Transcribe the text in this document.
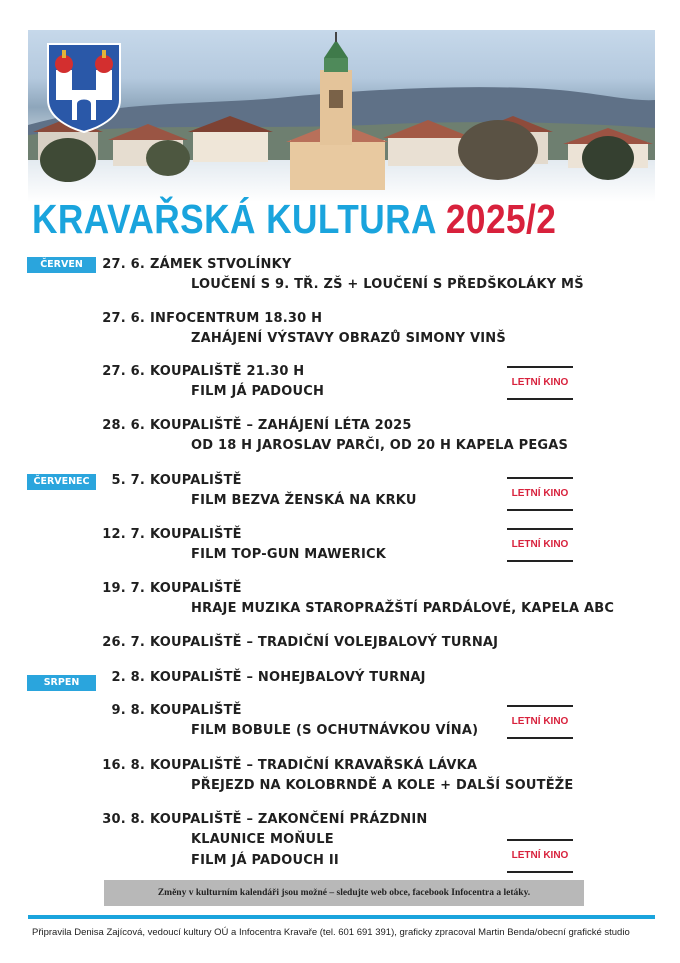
KRAVAŘSKÁ KULTURA 2025/2
ČERVEN
ČERVENEC
SRPEN
27. 6. ZÁMEK STVOLÍNKY
LOUČENÍ S 9. TŘ. ZŠ + LOUČENÍ S PŘEDŠKOLÁKY MŠ
27. 6. INFOCENTRUM 18.30 H
ZAHÁJENÍ VÝSTAVY OBRAZŮ SIMONY VINŠ
27. 6. KOUPALIŠTĚ 21.30 H
FILM JÁ PADOUCH
LETNÍ KINO
28. 6. KOUPALIŠTĚ – ZAHÁJENÍ LÉTA 2025
OD 18 H JAROSLAV PARČI, OD 20 H KAPELA PEGAS
5. 7. KOUPALIŠTĚ
FILM BEZVA ŽENSKÁ NA KRKU	LETNÍ KINO
12. 7. KOUPALIŠTĚ
FILM TOP-GUN MAWERICK
LETNÍ KINO
19. 7. KOUPALIŠTĚ
HRAJE MUZIKA STAROPRAŽŠTÍ PARDÁLOVÉ, KAPELA ABC
26. 7. KOUPALIŠTĚ – TRADIČNÍ VOLEJBALOVÝ TURNAJ
2. 8. KOUPALIŠTĚ – NOHEJBALOVÝ TURNAJ
9. 8. KOUPALIŠTĚ
FILM BOBULE (S OCHUTNÁVKOU VÍNA)
LETNÍ KINO
16. 8. KOUPALIŠTĚ – TRADIČNÍ KRAVAŘSKÁ LÁVKA
PŘEJEZD NA KOLOBRNDĚ A KOLE + DALŠÍ SOUTĚŽE
30. 8. KOUPALIŠTĚ – ZAKONČENÍ PRÁZDNIN
KLAUNICE MOŇULE
FILM JÁ PADOUCH II	LETNÍ KINO
Změny v kulturním kalendáři jsou možné – sledujte web obce, facebook Infocentra a letáky.
Připravila Denisa Zajícová, vedoucí kultury OÚ a Infocentra Kravaře (tel. 601 691 391), graficky zpracoval Martin Benda/obecní grafické studio
